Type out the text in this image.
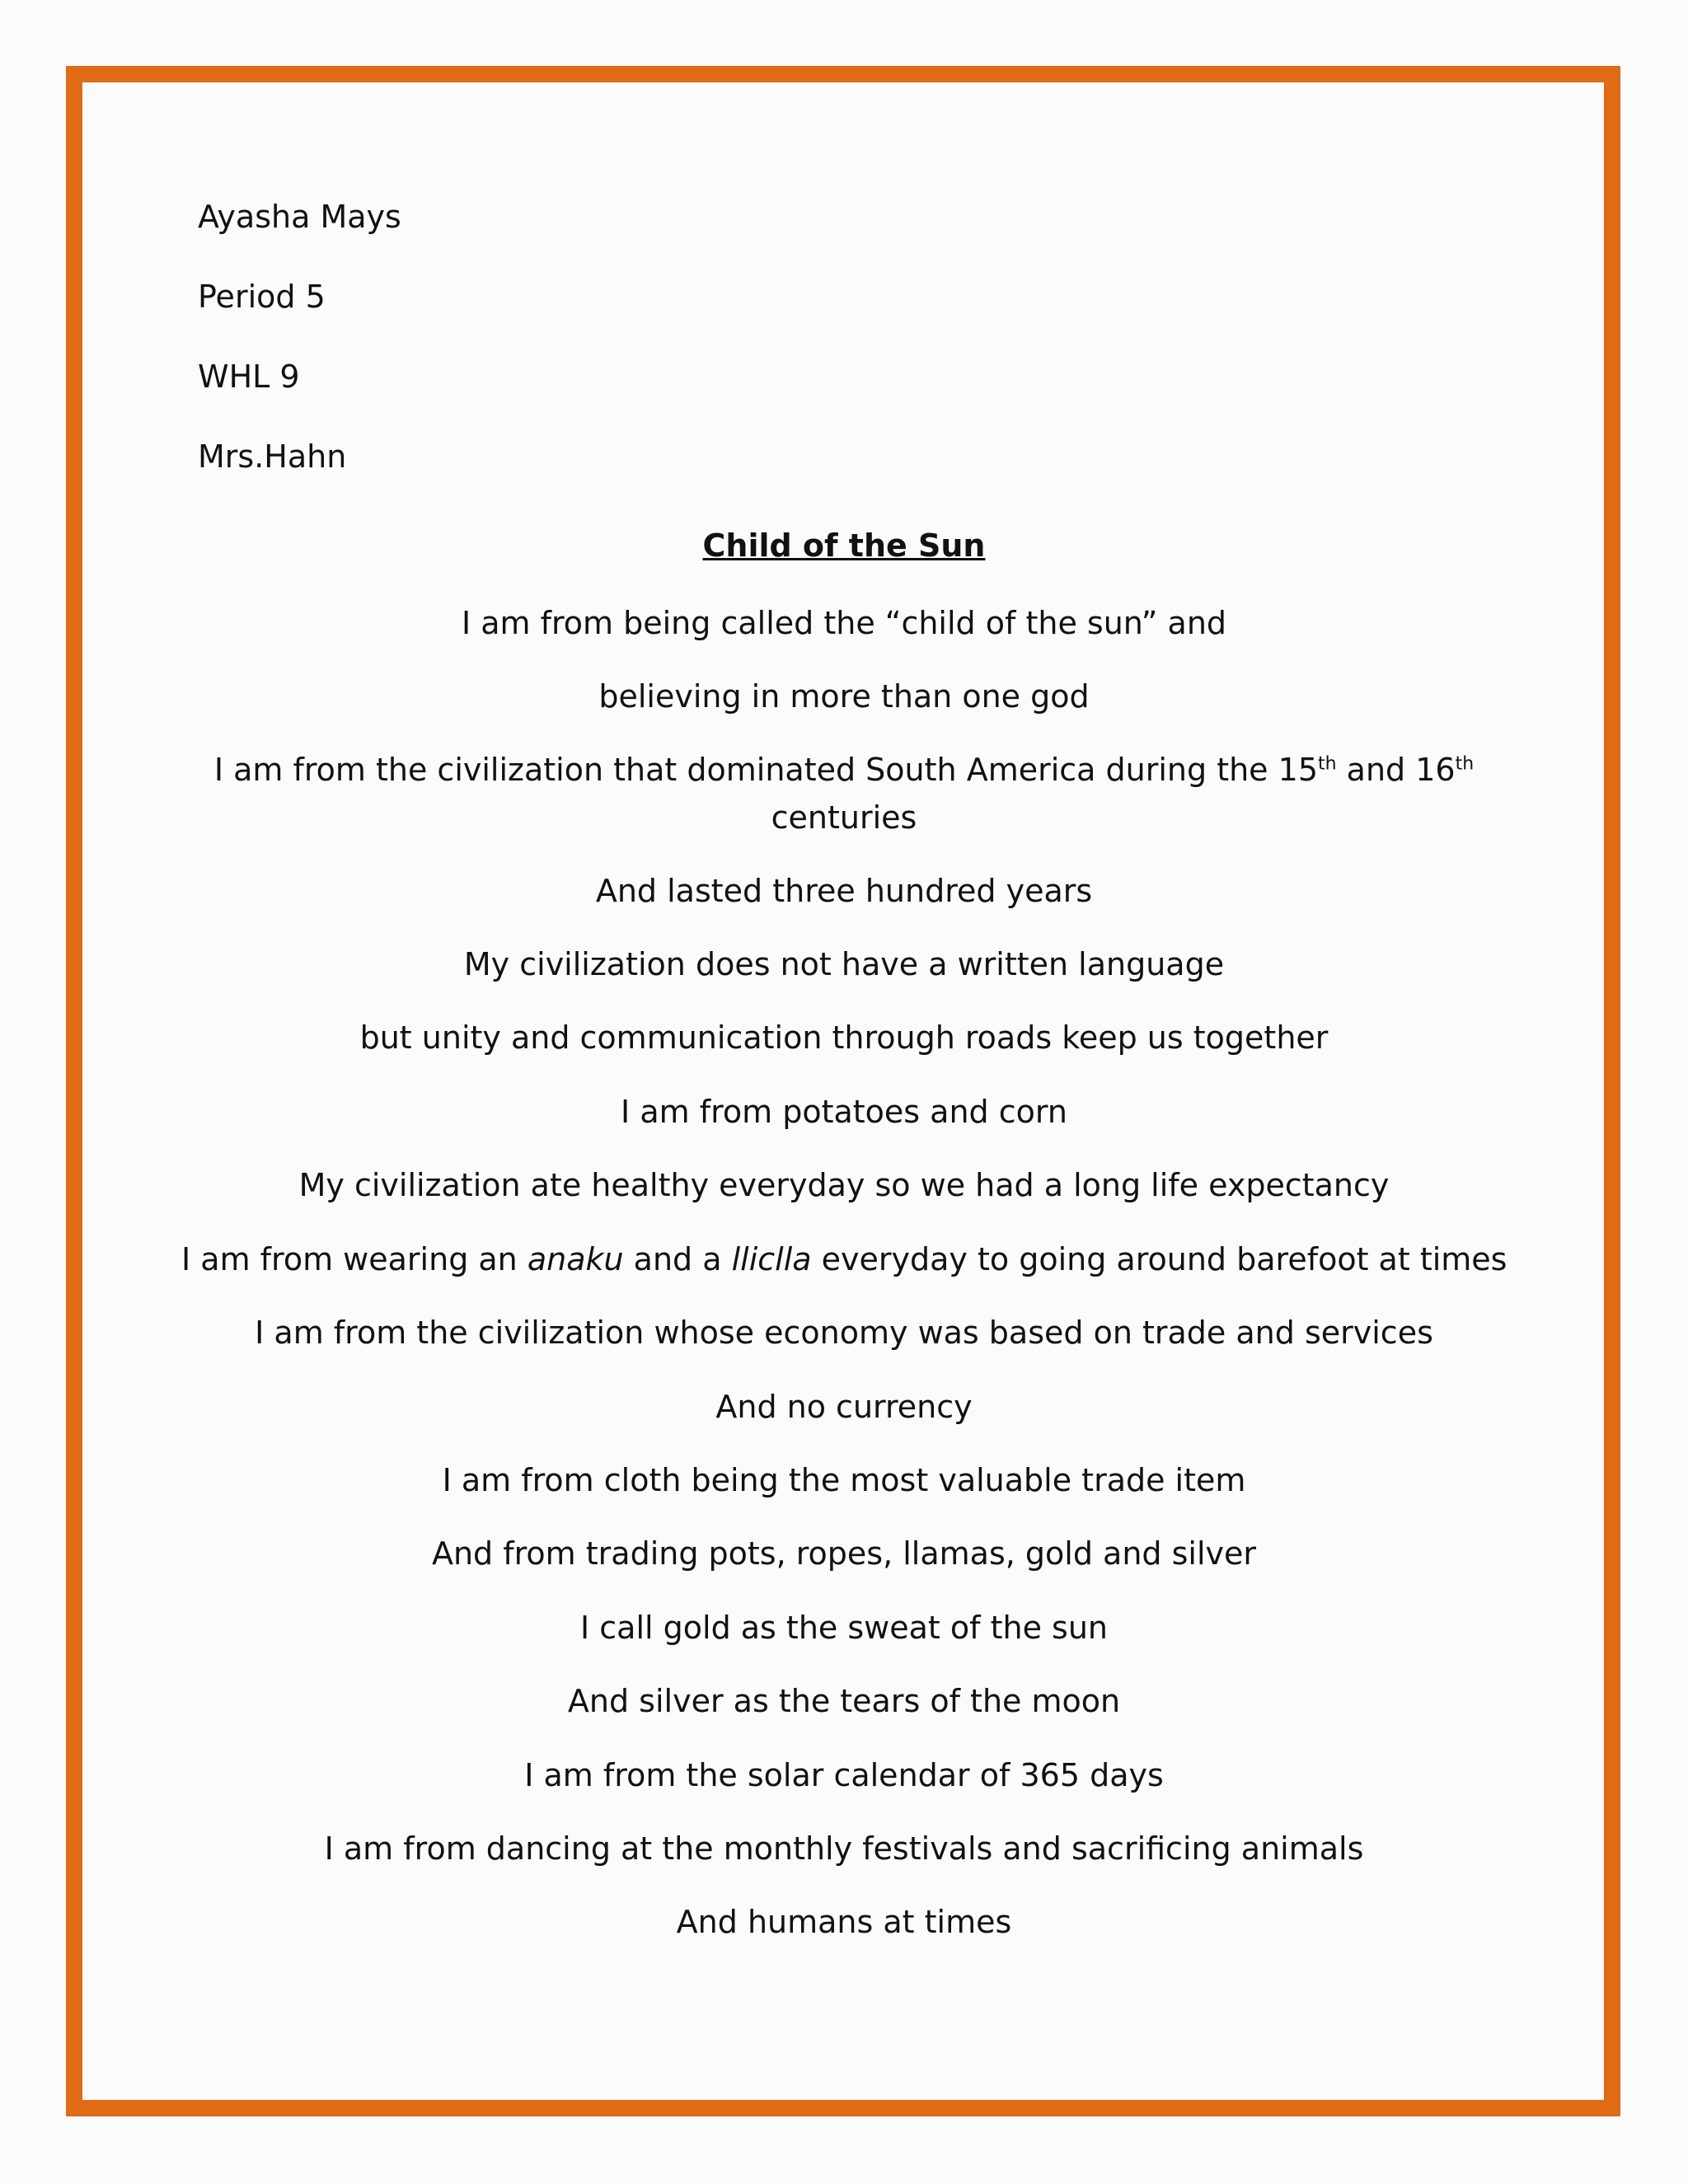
Ayasha Mays
Period 5
WHL 9
Mrs.Hahn
Child of the Sun
I am from being called the “child of the sun” and
believing in more than one god
I am from the civilization that dominated South America during the 15th and 16th
centuries
And lasted three hundred years
My civilization does not have a written language
but unity and communication through roads keep us together
I am from potatoes and corn
My civilization ate healthy everyday so we had a long life expectancy
I am from wearing an anaku and a lliclla everyday to going around barefoot at times
I am from the civilization whose economy was based on trade and services
And no currency
I am from cloth being the most valuable trade item
And from trading pots, ropes, llamas, gold and silver
I call gold as the sweat of the sun
And silver as the tears of the moon
I am from the solar calendar of 365 days
I am from dancing at the monthly festivals and sacrificing animals
And humans at times
